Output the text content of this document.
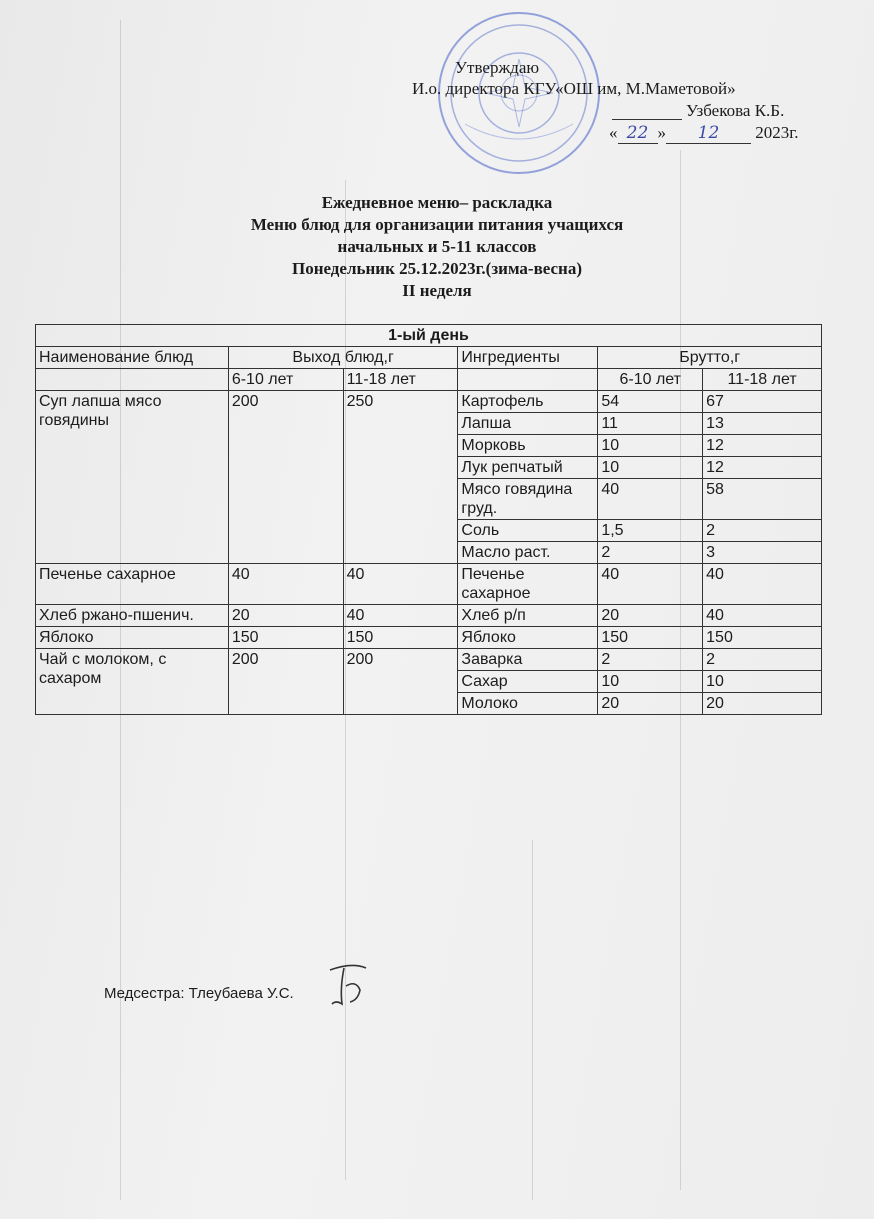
Утверждаю
И.о. директора КГУ«ОШ им, М.Маметовой»
Узбекова К.Б.

« 22 » 12 2023г.
Ежедневное меню– раскладка
Меню блюд для организации питания учащихся
начальных и 5-11 классов
Понедельник 25.12.2023г.(зима-весна)
II неделя
1-ый день					
Наименование блюд	Выход блюд,г		Ингредиенты	Брутто,г	
	6-10 лет	11-18 лет		6-10 лет	11-18 лет
Суп лапша мясо говядины	200	250	Картофель	54	67
			Лапша	11	13
			Морковь	10	12
			Лук репчатый	10	12
			Мясо говядина груд.	40	58
			Соль	1,5	2
			Масло раст.	2	3
Печенье сахарное	40	40	Печенье сахарное	40	40
Хлеб ржано-пшенич.	20	40	Хлеб р/п	20	40
Яблоко	150	150	Яблоко	150	150
Чай с молоком, с сахаром	200	200	Заварка	2	2
			Сахар	10	10
			Молоко	20	20
Медсестра: Тлеубаева У.С.
